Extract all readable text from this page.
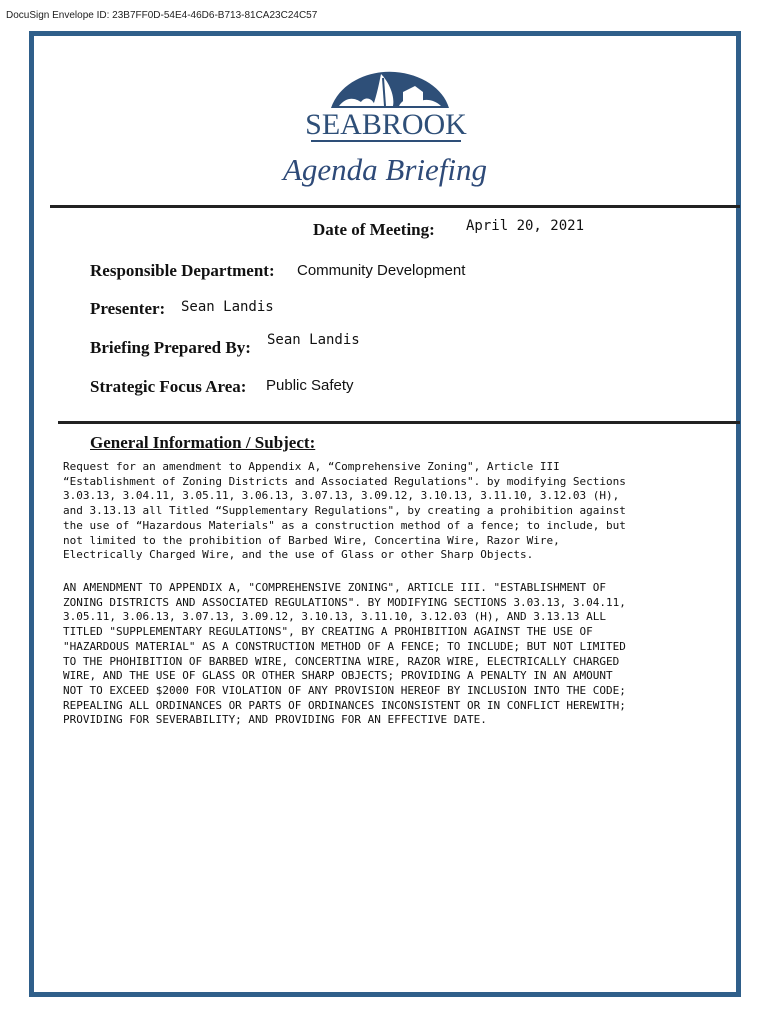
DocuSign Envelope ID: 23B7FF0D-54E4-46D6-B713-81CA23C24C57
SEABROOK
Agenda Briefing
Date of Meeting: April 20, 2021
Responsible Department: Community Development
Presenter: Sean Landis
Briefing Prepared By: Sean Landis
Strategic Focus Area: Public Safety
General Information / Subject:
Request for an amendment to Appendix A, “Comprehensive Zoning", Article III
“Establishment of Zoning Districts and Associated Regulations". by modifying Sections
3.03.13, 3.04.11, 3.05.11, 3.06.13, 3.07.13, 3.09.12, 3.10.13, 3.11.10, 3.12.03 (H),
and 3.13.13 all Titled “Supplementary Regulations", by creating a prohibition against
the use of “Hazardous Materials" as a construction method of a fence; to include, but
not limited to the prohibition of Barbed Wire, Concertina Wire, Razor Wire,
Electrically Charged Wire, and the use of Glass or other Sharp Objects.
AN AMENDMENT TO APPENDIX A, "COMPREHENSIVE ZONING", ARTICLE III. "ESTABLISHMENT OF
ZONING DISTRICTS AND ASSOCIATED REGULATIONS". BY MODIFYING SECTIONS 3.03.13, 3.04.11,
3.05.11, 3.06.13, 3.07.13, 3.09.12, 3.10.13, 3.11.10, 3.12.03 (H), AND 3.13.13 ALL
TITLED "SUPPLEMENTARY REGULATIONS", BY CREATING A PROHIBITION AGAINST THE USE OF
"HAZARDOUS MATERIAL" AS A CONSTRUCTION METHOD OF A FENCE; TO INCLUDE; BUT NOT LIMITED
TO THE PHOHIBITION OF BARBED WIRE, CONCERTINA WIRE, RAZOR WIRE, ELECTRICALLY CHARGED
WIRE, AND THE USE OF GLASS OR OTHER SHARP OBJECTS; PROVIDING A PENALTY IN AN AMOUNT
NOT TO EXCEED $2000 FOR VIOLATION OF ANY PROVISION HEREOF BY INCLUSION INTO THE CODE;
REPEALING ALL ORDINANCES OR PARTS OF ORDINANCES INCONSISTENT OR IN CONFLICT HEREWITH;
PROVIDING FOR SEVERABILITY; AND PROVIDING FOR AN EFFECTIVE DATE.
